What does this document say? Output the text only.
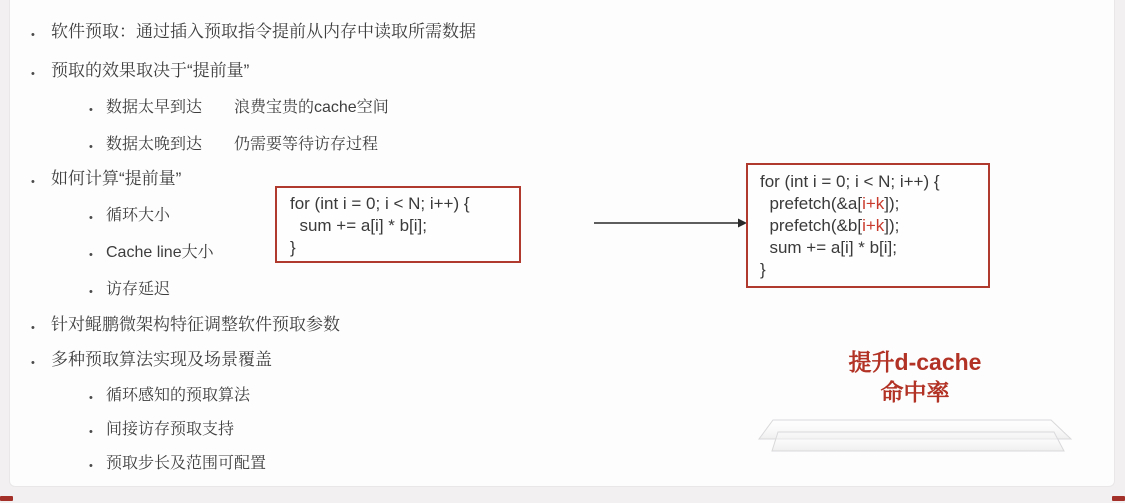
• 软件预取：通过插入预取指令提前从内存中读取所需数据
• 预取的效果取决于“提前量”
• 数据太早到达　　浪费宝贵的cache空间
• 数据太晚到达　　仍需要等待访存过程
• 如何计算“提前量”
• 循环大小
• Cache line大小
• 访存延迟
• 针对鲲鹏微架构特征调整软件预取参数
• 多种预取算法实现及场景覆盖
• 循环感知的预取算法
• 间接访存预取支持
• 预取步长及范围可配置
for (int i = 0; i < N; i++) {
sum += a[i] * b[i];
}
for (int i = 0; i < N; i++) {
prefetch(&a[i+k]);
prefetch(&b[i+k]);
sum += a[i] * b[i];
}
提升d-cache
命中率
